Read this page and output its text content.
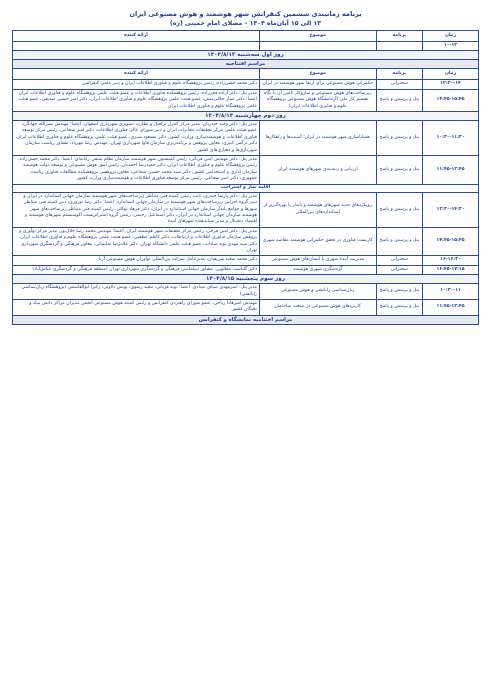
برنامه زمانبندی ششمین کنفرانس شهر هوشمند و هوش مصنوعی ایران
۱۳ الی ۱۵ آبان‌ماه ۱۴۰۴ – مصلای امام خمینی (ره)
زمان	برنامه	موضوع	ارائه کننده
۱۰-۱۲			
روز اول سه‌شنبه ۱۴۰۴/۸/۱۳			
مراسم افتتاحیه			
زمان	برنامه	موضوع	ارائه کننده
۱۳:۳۰-۱۴	سخنرانی	حکمرانی هوش مصنوعی برای ارتقا شهر هوشمند در ایران	دکتر محمد حسن‌زاده، رئیس پژوهشگاه علوم و فناوری اطلاعات ایران و دبیر علمی کنفرانس
۱۴:۴۵-۱۵:۴۵	پنل و پرسش و پاسخ	زیرساخت‌های هوش مصنوعی و سازوکار تأمین آن با نگاه تقسیم کار ملی (آزمایشگاه هوش مصنوعی پژوهشگاه علوم و فناوری اطلاعات ایران)	مدیر پنل: دکتر آزاده فخرزاده، رئیس پژوهشکده فناوری اطلاعات و عضو هیئت علمی پژوهشگاه علوم و فناوری اطلاعات ایران. اعضا: دکتر عمار جلالی‌منش، عضو هیئت علمی پژوهشگاه علوم و فناوری اطلاعات ایران، دکتر امیر حسین صدیقی، عضو هیئت علمی پژوهشگاه علوم و فناوری اطلاعات ایران
روز دوم چهارشنبه ۱۴۰۴/۸/۱۴			
۱۰:۳۰-۱۱:۳۰	پنل و پرسش و پاسخ	همپایاسازی شهر هوشمند در ایران؛ آسیب‌ها و راهکارها	مدیر پنل: دکتر وحید حیدریان، مدیر مرکز کنترل ترافیک و نظارت تصویری شهرداری اصفهان. اعضا: مهندس نصرالله جهانگرد، عضو هیئت علمی مرکز تحقیقات مخابرات ایران و دبیر شورای عالی فناوری اطلاعات، دکتر امیر شجاعی، رئیس مرکز توسعه فناوری اطلاعات و هوشمندسازی وزارت کشور، دکتر مسعود سبزی، عضو هیئت علمی پژوهشگاه علوم و فناوری اطلاعات ایران، دکتر نرگس کبیری، معاون پژوهش و برنامه‌ریزی سازمان فاوا شهرداری تهران، مهندس رضا مهرپاد، مشاور ریاست سازمان شهرداری‌ها و دهیاری‌های کشور
۱۱:۴۵-۱۲:۴۵	پنل و پرسش و پاسخ	ارزیابی و رتبه‌بندی شهرهای هوشمند ایران	مدیر پنل: دکتر مهندس امین قربانی، رئیس کمیسیون شهر هوشمند سازمان نظام صنفی رایانه‌ای. اعضا: دکتر محمد حسن‌زاده، رئیس پژوهشگاه علوم و فناوری اطلاعات ایران، دکتر حمیدرضا احمدیان، رئیس امور هوش مصنوعی و توسعه دولت هوشمند سازمان اداری و استخدامی کشور، دکتر سید محمد حسین شجاعی، معاون پژوهشی پژوهشکده مطالعات فناوری ریاست جمهوری، دکتر امیر شجاعی، رئیس مرکز توسعه فناوری اطلاعات و هوشمندسازی وزارت کشور
اقامه نماز و استراحت			
۱۳:۳۰-۱۴:۳۰	پنل و پرسش و پاسخ	رویکردهای جدید شهرهای هوشمند و پایدار با بهره‌گیری از استانداردهای بین‌المللی	مدیر پنل: دکتر پارسا حیدری، نایب رئیس کمیته فنی متناظر زیرساخت‌های شهر هوشمند سازمان جهانی استاندارد در ایران و دبیر گروه اجرایی زیرساخت‌های شهر هوشمند در سازمان جهانی استاندارد. اعضا: دکتر رضا نوروزی، دبیر کمیته فنی متناظر شهرها و جوامع پایدار سازمان جهانی استاندارد در ایران، دکتر فرهاد توکلی، رئیس کمیته فنی متناظر زیرساخت‌های شهر هوشمند سازمان جهانی استاندارد در ایران، دکتر اسماعیل رحیمی، رئیس گروه استراتژیست اکوسیستم شهرهای هوشمند و اقتصاد دیجیتال و مدیر شتابدهنده شهرهای آینده
۱۴:۴۵-۱۵:۴۵	پنل و پرسش و پاسخ	کاربست فناوری در تحقق حکمرانی هوشمند مقاصد شهری	مدیر پنل: دکتر امین فرخی، رئیس مرکز تحقیقات شهر هوشمند ایران. اعضا: مهندس محمد رضا جلال‌پور، مدیر مرکز نوآوری و پژوهش سازمان فناوری اطلاعات و ارتباطات، دکتر کاظم عطفیی، عضو هیئت علمی پژوهشگاه علوم و فناوری اطلاعات ایران، دکتر سید مهدی نوید سادات، عضو هیئت علمی دانشگاه تهران، دکتر غلامرضا سلیمانی، معاون فرهنگی و گردشگری شهرداری تهران
۱۶-۱۶:۳۰	سخنرانی	مدیریت آینده شهری با انسان‌های هوش مصنوعی	دکتر محمد سعید شریفیان، مدیرعامل شرکت بین‌المللی نوآوران هوش مصنوعی آریا
۱۶:۴۵-۱۷:۱۵	سخنرانی	گردشگری شهری هوشمند	دکتر گلناسب مطلوبی، مشاور دیپلماسی فرهنگی و گردشگری شهرداری تهران (منطقه فرهنگی و گردشگری عباس‌آباد)
روز سوم پنجشنبه ۱۴۰۴/۸/۱۵			
۱۰:۳۰-۱۱	پنل و پرسش و پاسخ	زبان‌شناسی رایانشی و هوش مصنوعی	مدیر پنل: امیرمهدی صیاف میبادی. اعضا: نوید قربانی، مجید رضوی، یونس دلاویی، زکیرا ابوالقاسمی (پژوهشگاه زبان‌شناسی رایانشی)
۱۱:۴۵-۱۲:۴۵	پنل و پرسش و پاسخ	کاربردهای هوش مصنوعی در صنعت ساختمان	مهندس امیرهادا ریاحی، عضو شورای راهبردی کنفرانس و رئیس کمیته هوش مصنوعی انجمن مدیران مراکز دانش بنیاد و نخبگان کشور
مراسم اختتامیه نمایشگاه و کنفرانس			
